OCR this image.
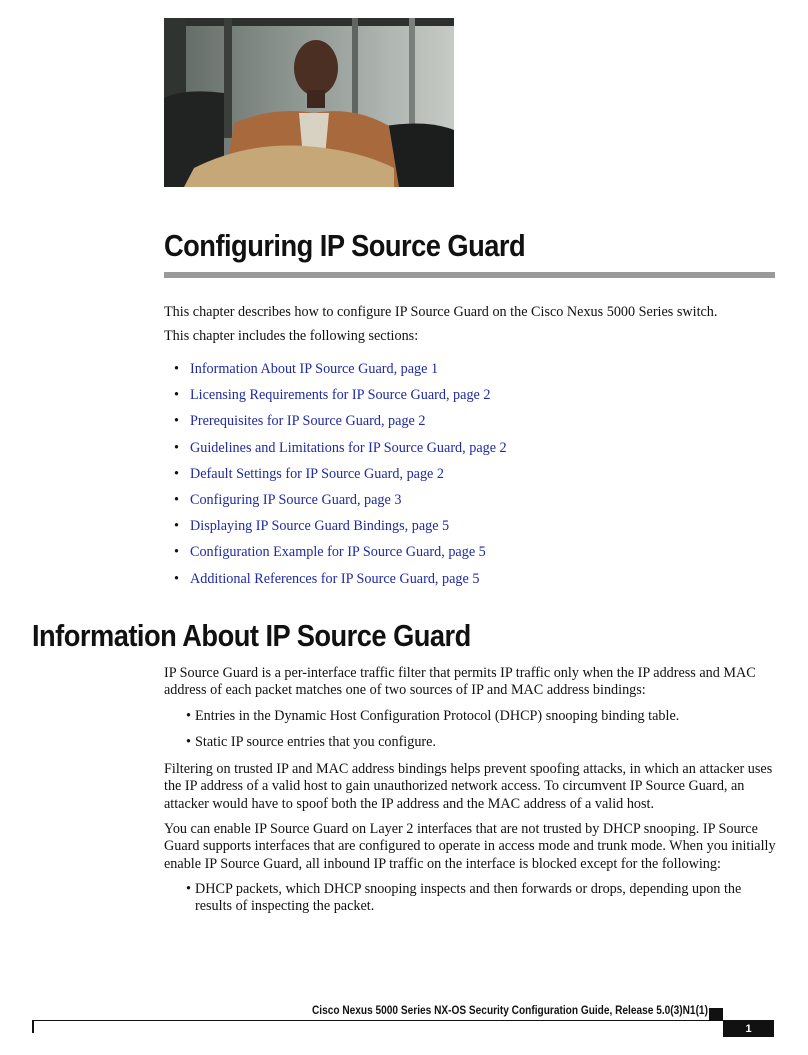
Configuring IP Source Guard

This chapter describes how to configure IP Source Guard on the Cisco Nexus 5000 Series switch.

This chapter includes the following sections:

• Information About IP Source Guard, page 1
• Licensing Requirements for IP Source Guard, page 2
• Prerequisites for IP Source Guard, page 2
• Guidelines and Limitations for IP Source Guard, page 2
• Default Settings for IP Source Guard, page 2
• Configuring IP Source Guard, page 3
• Displaying IP Source Guard Bindings, page 5
• Configuration Example for IP Source Guard, page 5
• Additional References for IP Source Guard, page 5
Information About IP Source Guard

IP Source Guard is a per-interface traffic filter that permits IP traffic only when the IP address and MAC address of each packet matches one of two sources of IP and MAC address bindings:

• Entries in the Dynamic Host Configuration Protocol (DHCP) snooping binding table.
• Static IP source entries that you configure.

Filtering on trusted IP and MAC address bindings helps prevent spoofing attacks, in which an attacker uses the IP address of a valid host to gain unauthorized network access. To circumvent IP Source Guard, an attacker would have to spoof both the IP address and the MAC address of a valid host.

You can enable IP Source Guard on Layer 2 interfaces that are not trusted by DHCP snooping. IP Source Guard supports interfaces that are configured to operate in access mode and trunk mode. When you initially enable IP Source Guard, all inbound IP traffic on the interface is blocked except for the following:

• DHCP packets, which DHCP snooping inspects and then forwards or drops, depending upon the results of inspecting the packet.
Cisco Nexus 5000 Series NX-OS Security Configuration Guide, Release 5.0(3)N1(1)
1
